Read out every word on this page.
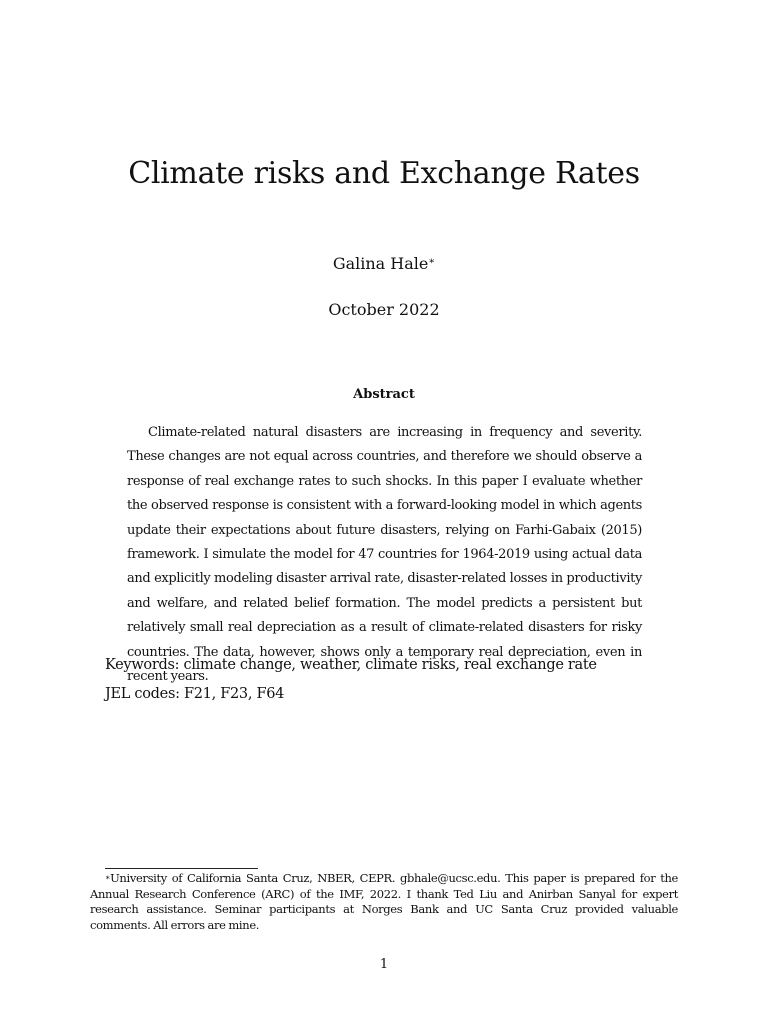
Climate risks and Exchange Rates
Galina Hale∗
October 2022
Abstract
Climate-related natural disasters are increasing in frequency and severity. These changes are not equal across countries, and therefore we should observe a response of real exchange rates to such shocks. In this paper I evaluate whether the observed response is consistent with a forward-looking model in which agents update their expectations about future disasters, relying on Farhi-Gabaix (2015) framework. I simulate the model for 47 countries for 1964-2019 using actual data and explicitly modeling disaster arrival rate, disaster-related losses in productivity and welfare, and related belief formation. The model predicts a persistent but relatively small real depreciation as a result of climate-related disasters for risky countries. The data, however, shows only a temporary real depreciation, even in recent years.
Keywords: climate change, weather, climate risks, real exchange rate
JEL codes: F21, F23, F64
∗University of California Santa Cruz, NBER, CEPR. gbhale@ucsc.edu. This paper is prepared for the Annual Research Conference (ARC) of the IMF, 2022. I thank Ted Liu and Anirban Sanyal for expert research assistance. Seminar participants at Norges Bank and UC Santa Cruz provided valuable comments. All errors are mine.
1
